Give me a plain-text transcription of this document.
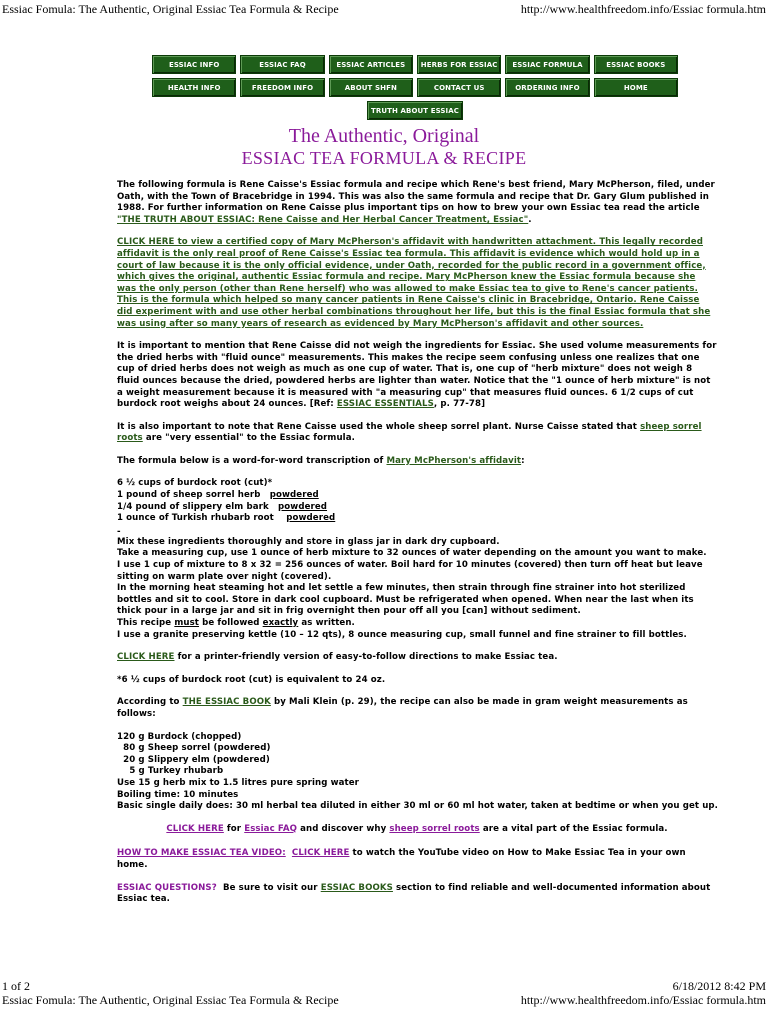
Essiac Fomula: The Authentic, Original Essiac Tea Formula & Recipe	http://www.healthfreedom.info/Essiac formula.htm
ESSIAC INFO	ESSIAC FAQ	ESSIAC ARTICLES	HERBS FOR ESSIAC	ESSIAC FORMULA	ESSIAC BOOKS
HEALTH INFO	FREEDOM INFO	ABOUT SHFN	CONTACT US	ORDERING INFO	HOME
TRUTH ABOUT ESSIAC
The Authentic, Original
ESSIAC TEA FORMULA & RECIPE

The following formula is Rene Caisse's Essiac formula and recipe which Rene's best friend, Mary McPherson, filed, under Oath, with the Town of Bracebridge in 1994. This was also the same formula and recipe that Dr. Gary Glum published in 1988. For further information on Rene Caisse plus important tips on how to brew your own Essiac tea read the article "THE TRUTH ABOUT ESSIAC: Rene Caisse and Her Herbal Cancer Treatment, Essiac".

CLICK HERE to view a certified copy of Mary McPherson's affidavit with handwritten attachment. This legally recorded affidavit is the only real proof of Rene Caisse's Essiac tea formula. This affidavit is evidence which would hold up in a court of law because it is the only official evidence, under Oath, recorded for the public record in a government office, which gives the original, authentic Essiac formula and recipe. Mary McPherson knew the Essiac formula because she was the only person (other than Rene herself) who was allowed to make Essiac tea to give to Rene's cancer patients. This is the formula which helped so many cancer patients in Rene Caisse's clinic in Bracebridge, Ontario. Rene Caisse did experiment with and use other herbal combinations throughout her life, but this is the final Essiac formula that she was using after so many years of research as evidenced by Mary McPherson's affidavit and other sources.

It is important to mention that Rene Caisse did not weigh the ingredients for Essiac. She used volume measurements for the dried herbs with "fluid ounce" measurements. This makes the recipe seem confusing unless one realizes that one cup of dried herbs does not weigh as much as one cup of water. That is, one cup of "herb mixture" does not weigh 8 fluid ounces because the dried, powdered herbs are lighter than water. Notice that the "1 ounce of herb mixture" is not a weight measurement because it is measured with "a measuring cup" that measures fluid ounces. 6 1/2 cups of cut burdock root weighs about 24 ounces. [Ref: ESSIAC ESSENTIALS, p. 77-78]

It is also important to note that Rene Caisse used the whole sheep sorrel plant. Nurse Caisse stated that sheep sorrel roots are "very essential" to the Essiac formula.

The formula below is a word-for-word transcription of Mary McPherson's affidavit:

6 ½ cups of burdock root (cut)*
1 pound of sheep sorrel herb   powdered
1/4 pound of slippery elm bark   powdered
1 ounce of Turkish rhubarb root    powdered
-
Mix these ingredients thoroughly and store in glass jar in dark dry cupboard.
Take a measuring cup, use 1 ounce of herb mixture to 32 ounces of water depending on the amount you want to make.
I use 1 cup of mixture to 8 x 32 = 256 ounces of water. Boil hard for 10 minutes (covered) then turn off heat but leave sitting on warm plate over night (covered).
In the morning heat steaming hot and let settle a few minutes, then strain through fine strainer into hot sterilized bottles and sit to cool. Store in dark cool cupboard. Must be refrigerated when opened. When near the last when its thick pour in a large jar and sit in frig overnight then pour off all you [can] without sediment.
This recipe must be followed exactly as written.
I use a granite preserving kettle (10 – 12 qts), 8 ounce measuring cup, small funnel and fine strainer to fill bottles.

CLICK HERE for a printer-friendly version of easy-to-follow directions to make Essiac tea.

*6 ½ cups of burdock root (cut) is equivalent to 24 oz.

According to THE ESSIAC BOOK by Mali Klein (p. 29), the recipe can also be made in gram weight measurements as follows:

120 g Burdock (chopped)
80 g Sheep sorrel (powdered)
20 g Slippery elm (powdered)
5 g Turkey rhubarb
Use 15 g herb mix to 1.5 litres pure spring water
Boiling time: 10 minutes
Basic single daily does: 30 ml herbal tea diluted in either 30 ml or 60 ml hot water, taken at bedtime or when you get up.

CLICK HERE for Essiac FAQ and discover why sheep sorrel roots are a vital part of the Essiac formula.

HOW TO MAKE ESSIAC TEA VIDEO: CLICK HERE to watch the YouTube video on How to Make Essiac Tea in your own home.

ESSIAC QUESTIONS?  Be sure to visit our ESSIAC BOOKS section to find reliable and well-documented information about Essiac tea.

1 of 2	6/18/2012 8:42 PM
Essiac Fomula: The Authentic, Original Essiac Tea Formula & Recipe	http://www.healthfreedom.info/Essiac formula.htm
